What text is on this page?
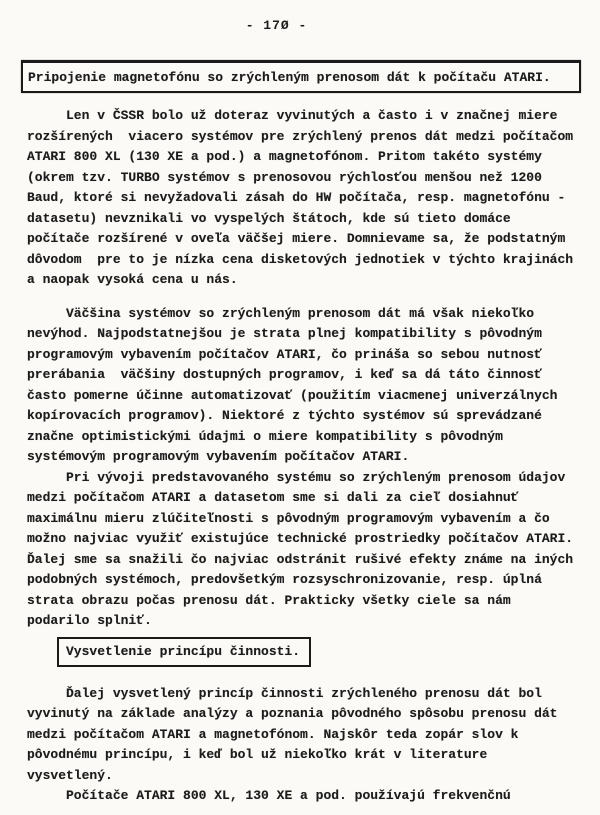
- 17Ø -
Pripojenie magnetofónu so zrýchleným prenosom dát k počítaču ATARI.
Len v ČSSR bolo už doteraz vyvinutých a často i v značnej miere
rozšírených  viacero systémov pre zrýchlený prenos dát medzi počítačom
ATARI 800 XL (130 XE a pod.) a magnetofónom. Pritom takéto systémy
(okrem tzv. TURBO systémov s prenosovou rýchlosťou menšou než 1200
Baud, ktoré si nevyžadovali zásah do HW počítača, resp. magnetofónu -
datasetu) nevznikali vo vyspelých štátoch, kde sú tieto domáce
počítače rozšírené v oveľa väčšej miere. Domnievame sa, že podstatným
dôvodom  pre to je nízka cena disketových jednotiek v týchto krajinách
a naopak vysoká cena u nás.
Väčšina systémov so zrýchleným prenosom dát má však niekoľko
nevýhod. Najpodstatnejšou je strata plnej kompatibility s pôvodným
programovým vybavením počítačov ATARI, čo prináša so sebou nutnosť
prerábania  väčšiny dostupných programov, i keď sa dá táto činnosť
často pomerne účinne automatizovať (použitím viacmenej univerzálnych
kopírovacích programov). Niektoré z týchto systémov sú sprevádzané
značne optimistickými údajmi o miere kompatibility s pôvodným
systémovým programovým vybavením počítačov ATARI.
Pri vývoji predstavovaného systému so zrýchleným prenosom údajov
medzi počítačom ATARI a datasetom sme si dali za cieľ dosiahnuť
maximálnu mieru zlúčiteľnosti s pôvodným programovým vybavením a čo
možno najviac využiť existujúce technické prostriedky počítačov ATARI.
Ďalej sme sa snažili čo najviac odstránit rušivé efekty známe na iných
podobných systémoch, predovšetkým rozsyschronizovanie, resp. úplná
strata obrazu počas prenosu dát. Prakticky všetky ciele sa nám
podarilo splniť.
Vysvetlenie princípu činnosti.
Ďalej vysvetlený princíp činnosti zrýchleného prenosu dát bol
vyvinutý na základe analýzy a poznania pôvodného spôsobu prenosu dát
medzi počítačom ATARI a magnetofónom. Najskôr teda zopár slov k
pôvodnému princípu, i keď bol už niekoľko krát v literature
vysvetlený.
Počítače ATARI 800 XL, 130 XE a pod. používajú frekvenčnú
